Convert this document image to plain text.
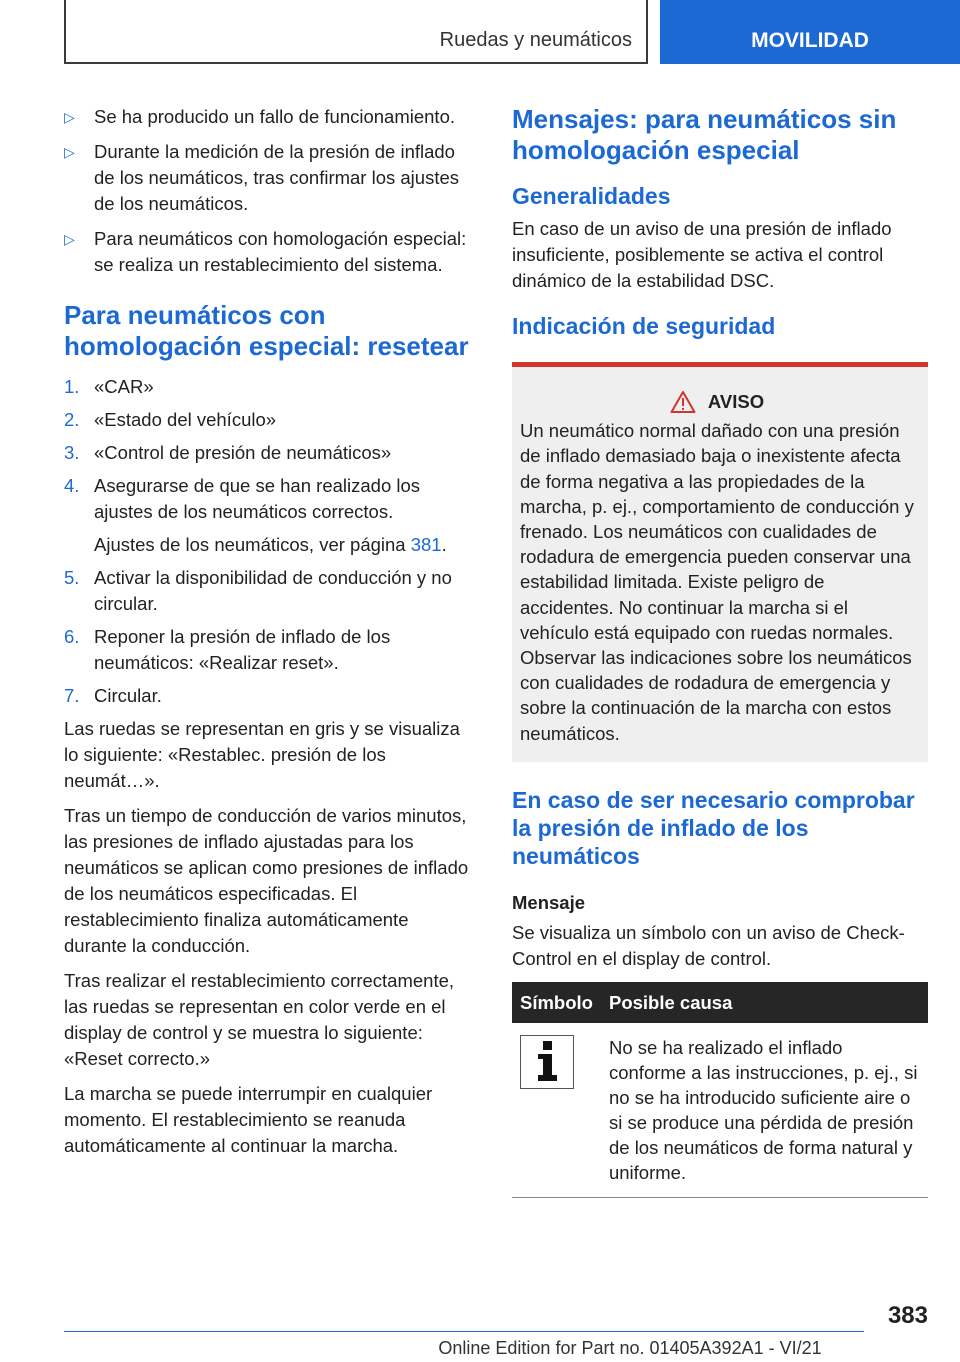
Ruedas y neumáticos	MOVILIDAD
▷ Se ha producido un fallo de funcionamiento.
▷ Durante la medición de la presión de inflado de los neumáticos, tras confirmar los ajustes de los neumáticos.
▷ Para neumáticos con homologación especial: se realiza un restablecimiento del sistema.
Para neumáticos con homologación especial: resetear
1. «CAR»
2. «Estado del vehículo»
3. «Control de presión de neumáticos»
4. Asegurarse de que se han realizado los ajustes de los neumáticos correctos.
Ajustes de los neumáticos, ver página 381.
5. Activar la disponibilidad de conducción y no circular.
6. Reponer la presión de inflado de los neumáticos: «Realizar reset».
7. Circular.

Las ruedas se representan en gris y se visualiza lo siguiente: «Restablec. presión de los neumát…».

Tras un tiempo de conducción de varios minutos, las presiones de inflado ajustadas para los neumáticos se aplican como presiones de inflado de los neumáticos especificadas. El restablecimiento finaliza automáticamente durante la conducción.

Tras realizar el restablecimiento correctamente, las ruedas se representan en color verde en el display de control y se muestra lo siguiente: «Reset correcto.»

La marcha se puede interrumpir en cualquier momento. El restablecimiento se reanuda automáticamente al continuar la marcha.

Mensajes: para neumáticos sin homologación especial
Generalidades

En caso de un aviso de una presión de inflado insuficiente, posiblemente se activa el control dinámico de la estabilidad DSC.

Indicación de seguridad
AVISO
Un neumático normal dañado con una presión de inflado demasiado baja o inexistente afecta de forma negativa a las propiedades de la marcha, p. ej., comportamiento de conducción y frenado. Los neumáticos con cualidades de rodadura de emergencia pueden conservar una estabilidad limitada. Existe peligro de accidentes. No continuar la marcha si el vehículo está equipado con ruedas normales. Observar las indicaciones sobre los neumáticos con cualidades de rodadura de emergencia y sobre la continuación de la marcha con estos neumáticos.
En caso de ser necesario comprobar la presión de inflado de los neumáticos
Mensaje

Se visualiza un símbolo con un aviso de Check-Control en el display de control.

Símbolo	Posible causa

	No se ha realizado el inflado conforme a las instrucciones, p. ej., si no se ha introducido suficiente aire o si se produce una pérdida de presión de los neumáticos de forma natural y uniforme.
383
Online Edition for Part no. 01405A392A1 - VI/21
